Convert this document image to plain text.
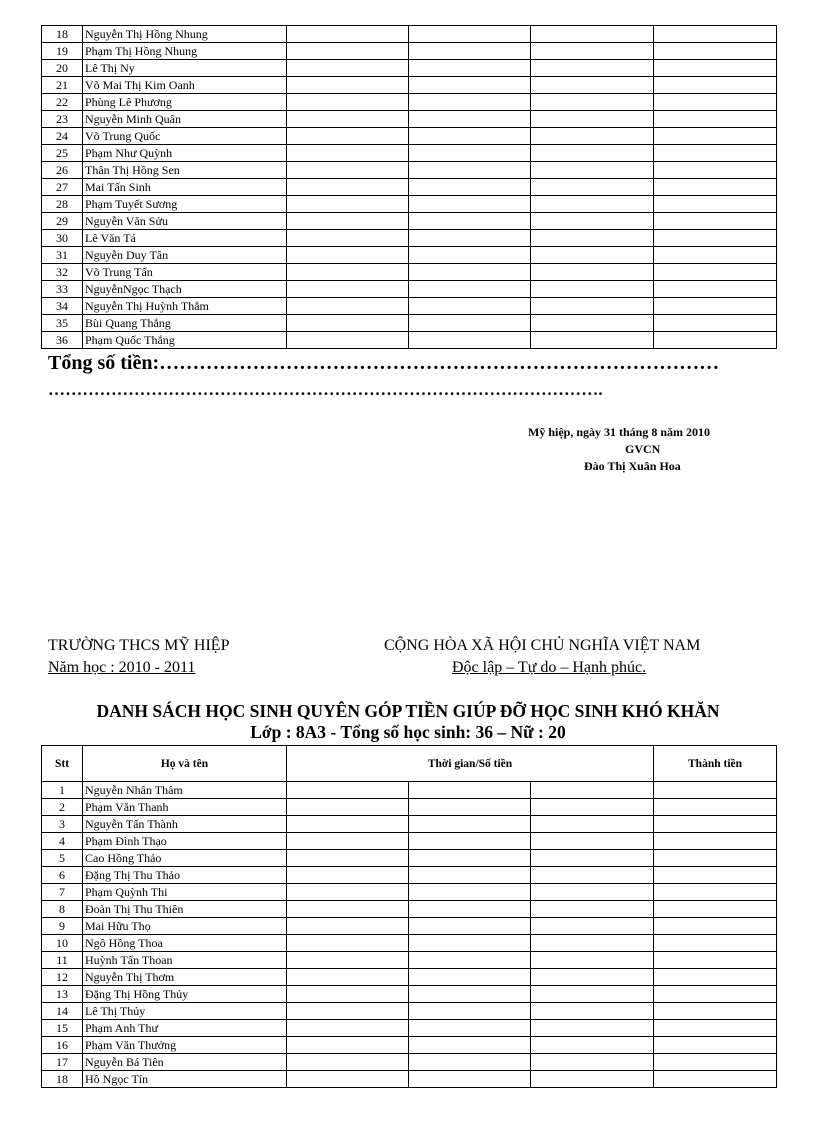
18	Nguyễn Thị Hồng Nhung				
19	Phạm Thị Hồng Nhung				
20	Lê Thị Ny				
21	Võ Mai Thị Kim Oanh				
22	Phùng Lê Phương				
23	Nguyễn Minh Quân				
24	Võ Trung Quốc				
25	Phạm Như Quỳnh				
26	Thân Thị Hồng Sen				
27	Mai Tấn Sinh				
28	Phạm Tuyết Sương				
29	Nguyễn Văn Sửu				
30	Lê Văn Tá				
31	Nguyễn Duy Tân				
32	Võ Trung Tấn				
33	NguyễnNgọc Thạch				
34	Nguyễn Thị Huỳnh Thắm				
35	Bùi Quang Thắng				
36	Phạm Quốc Thắng				
Tổng số tiền:…………………………………………………………………………
…………………………………………………………………………………….
Mỹ hiệp, ngày 31 tháng 8 năm 2010
GVCN
Đào Thị Xuân Hoa
TRƯỜNG THCS MỸ HIỆP
Năm học : 2010 - 2011
CỘNG HÒA XÃ HỘI CHỦ NGHĨA VIỆT NAM
Độc lập – Tự do – Hạnh phúc.
DANH SÁCH HỌC SINH QUYÊN GÓP TIỀN GIÚP ĐỠ HỌC SINH KHÓ KHĂN
Lớp : 8A3 - Tổng số học sinh: 36 – Nữ : 20
Stt	Họ và tên	Thời gian/Số tiền			Thành tiền
1	Nguyễn Nhân Thâm				
2	Phạm Văn Thanh				
3	Nguyễn Tấn Thành				
4	Phạm Đình Thạo				
5	Cao Hồng Thảo				
6	Đặng Thị Thu Thảo				
7	Phạm Quỳnh Thi				
8	Đoàn Thị Thu Thiên				
9	Mai Hữu Thọ				
10	Ngô Hồng Thoa				
11	Huỳnh Tấn Thoan				
12	Nguyễn Thị Thơm				
13	Đặng Thị Hồng Thủy				
14	Lê Thị Thủy				
15	Phạm Anh Thư				
16	Phạm Văn Thưởng				
17	Nguyễn Bá Tiên				
18	Hồ Ngọc Tín				
